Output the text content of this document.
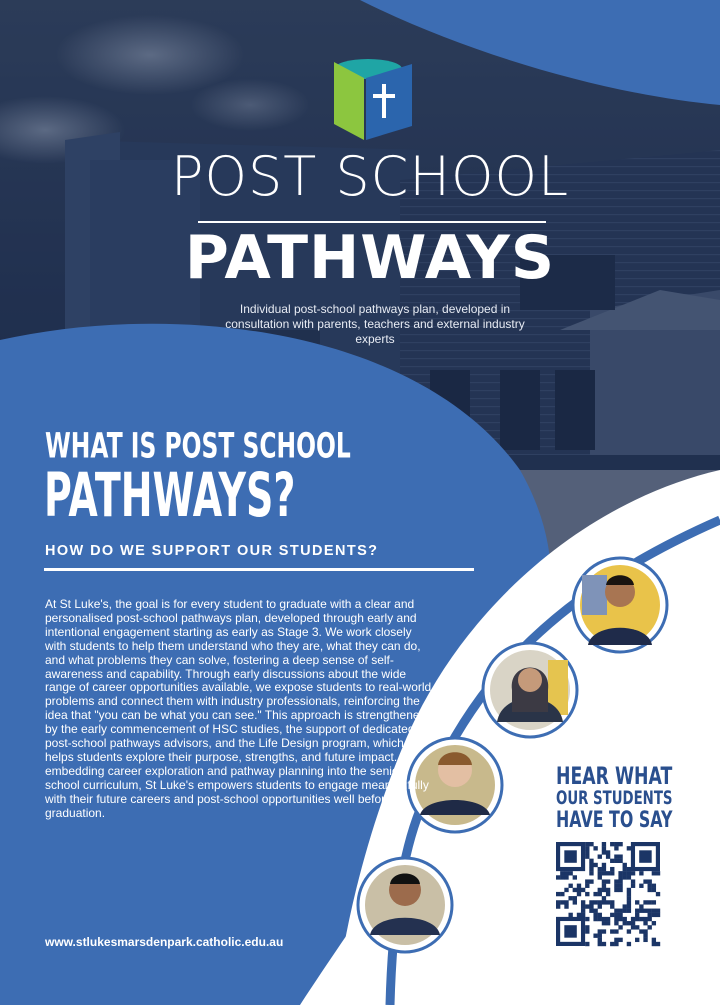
POST SCHOOL
PATHWAYS

Individual post-school pathways plan, developed in consultation with parents, teachers and external industry experts

WHAT IS POST SCHOOL
PATHWAYS?
HOW DO WE SUPPORT OUR STUDENTS?

At St Luke's, the goal is for every student to graduate with a clear and personalised post-school pathways plan, developed through early and intentional engagement starting as early as Stage 3. We work closely with students to help them understand who they are, what they can do, and what problems they can solve, fostering a deep sense of self-awareness and capability. Through early discussions about the wide range of career opportunities available, we expose students to real-world problems and connect them with industry professionals, reinforcing the idea that "you can be what you can see." This approach is strengthened by the early commencement of HSC studies, the support of dedicated post-school pathways advisors, and the Life Design program, which helps students explore their purpose, strengths, and future impact. By embedding career exploration and pathway planning into the senior school curriculum, St Luke's empowers students to engage meaningfully with their future careers and post-school opportunities well before graduation.

www.stlukesmarsdenpark.catholic.edu.au
HEAR WHAT
OUR STUDENTS
HAVE TO SAY
